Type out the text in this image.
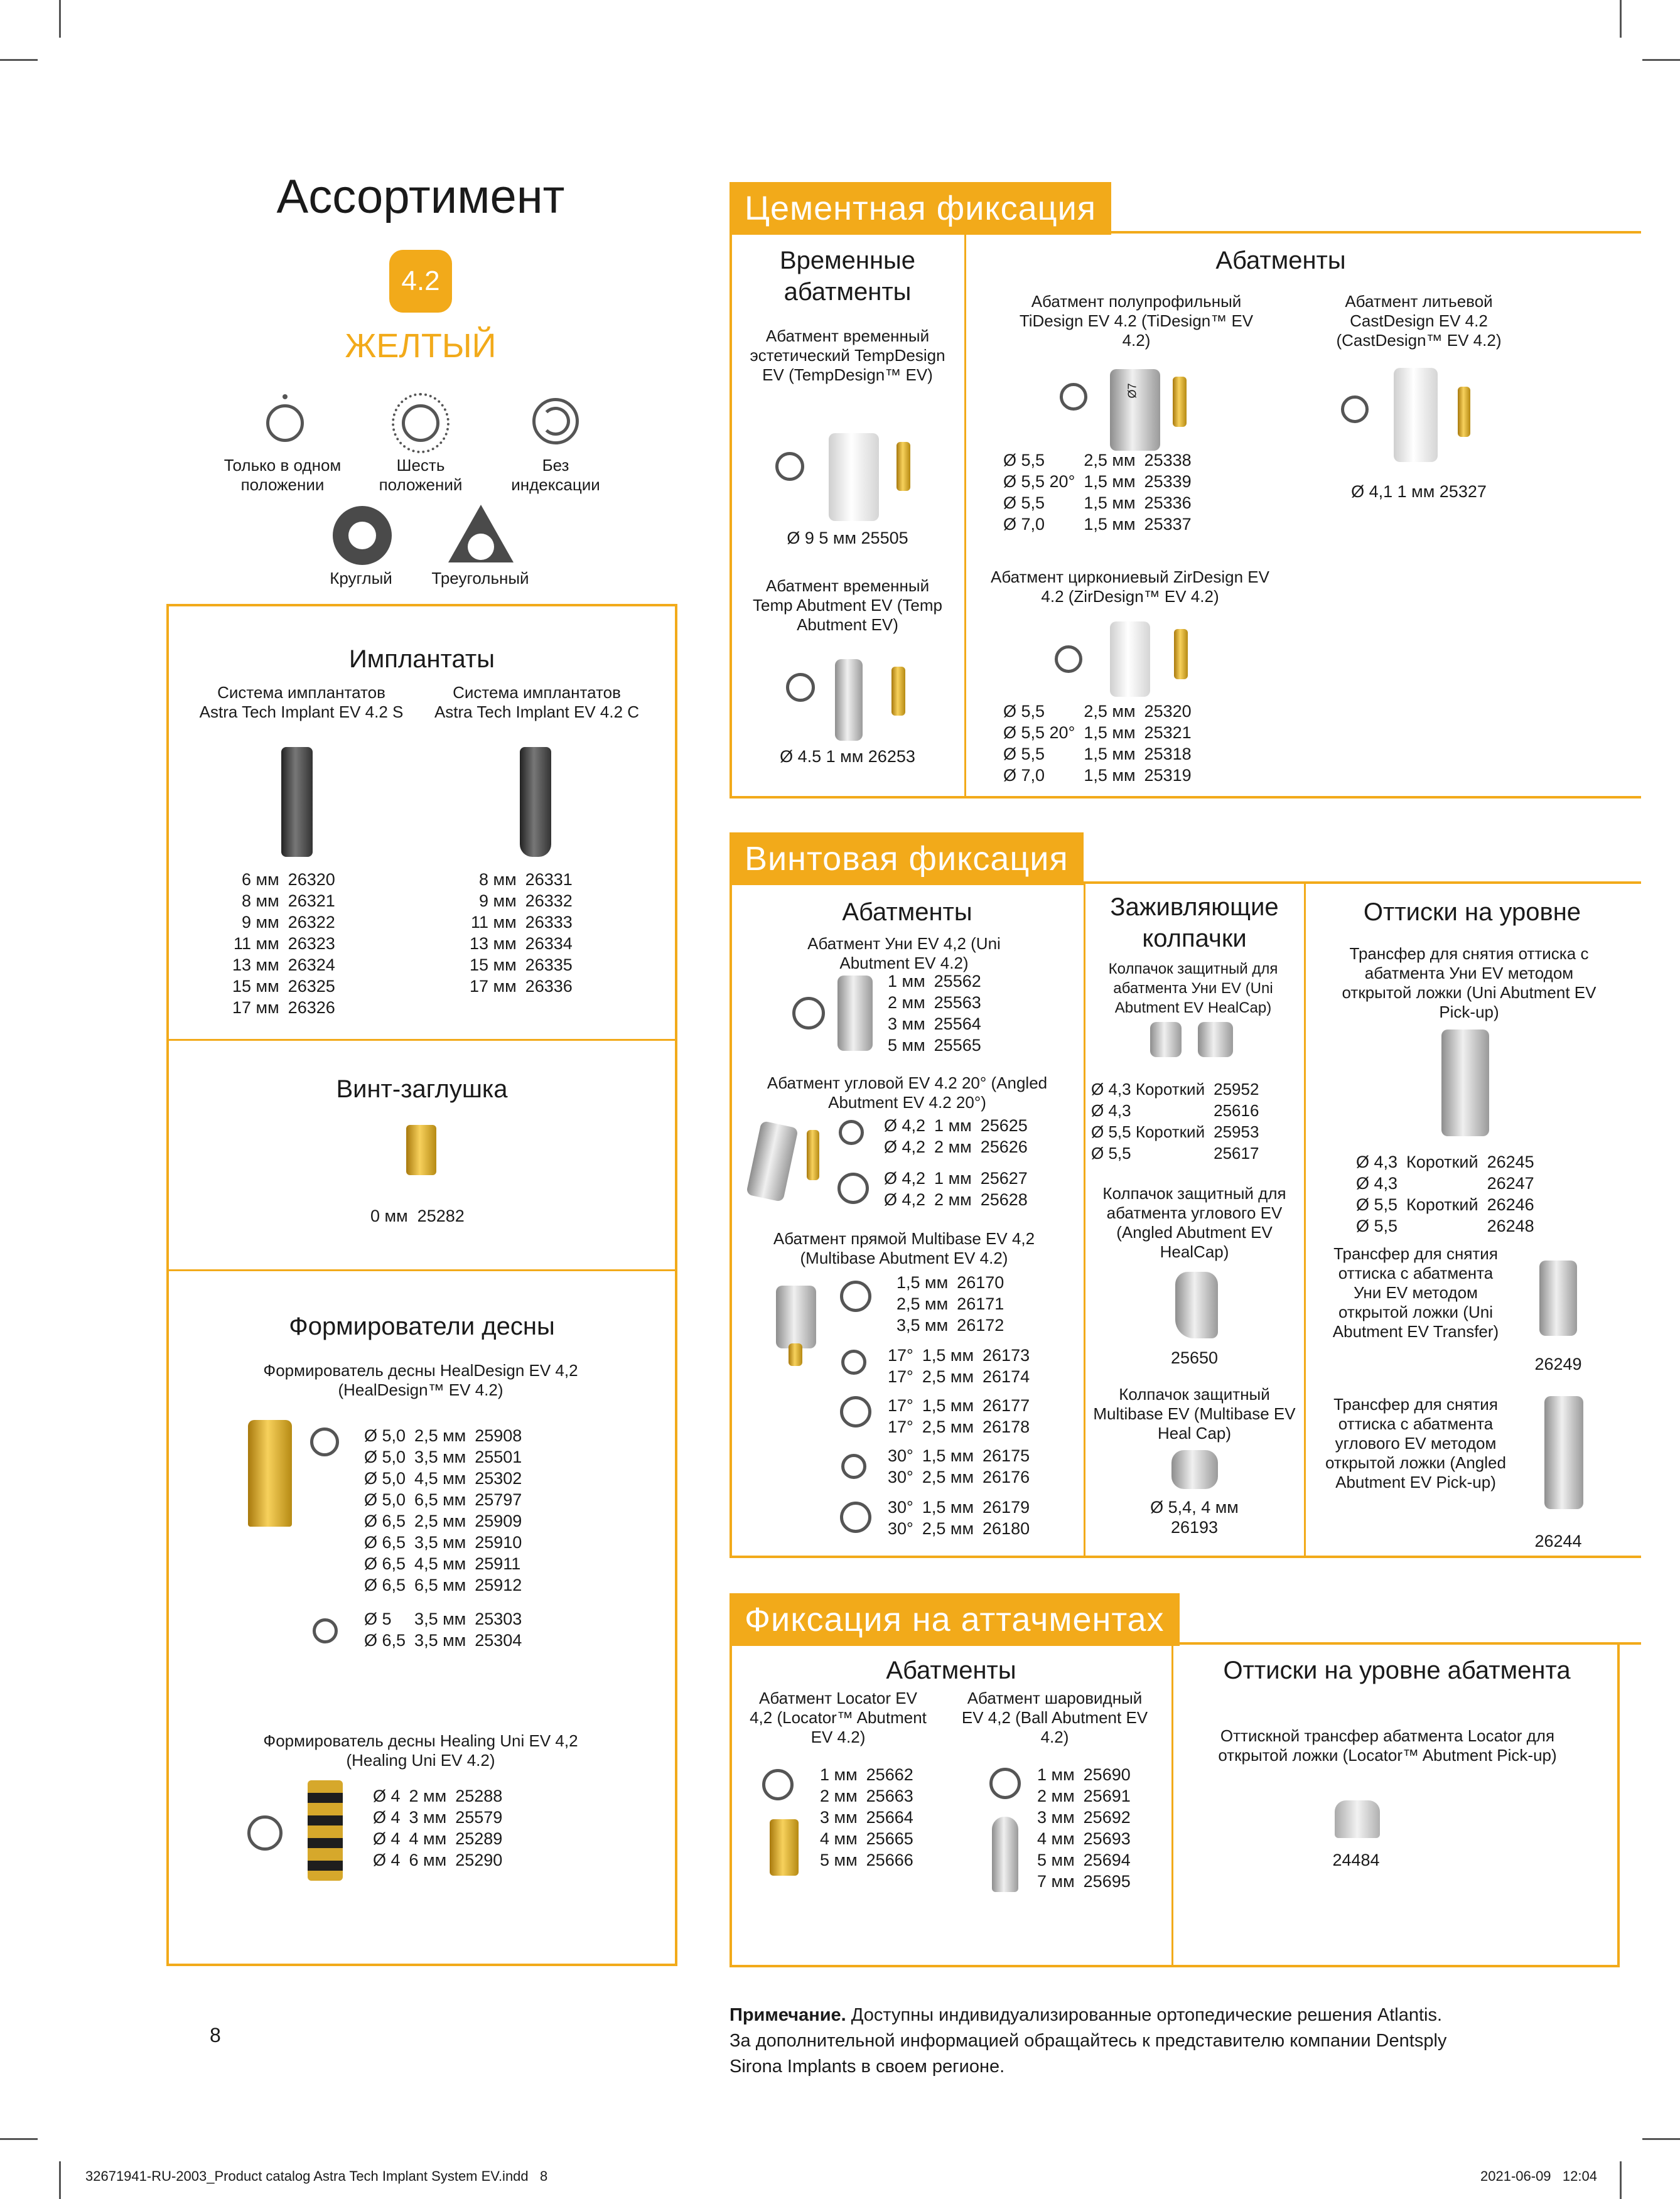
Ассортимент
4.2
ЖЕЛТЫЙ
Только в одном положении
Шесть положений
Без индексации
Круглый	Треугольный
Имплантаты
Система имплантатов Astra Tech Implant EV 4.2 S
Система имплантатов Astra Tech Implant EV 4.2 C
6 мм	26320
8 мм	26321
9 мм	26322
11 мм	26323
13 мм	26324
15 мм	26325
17 мм	26326
8 мм	26331
9 мм	26332
11 мм	26333
13 мм	26334
15 мм	26335
17 мм	26336
Винт-заглушка
0 мм 25282
Формирователи десны
Формирователь десны HealDesign EV 4,2 (HealDesign™ EV 4.2)
Ø 5,0	2,5 мм	25908
Ø 5,0	3,5 мм	25501
Ø 5,0	4,5 мм	25302
Ø 5,0	6,5 мм	25797
Ø 6,5	2,5 мм	25909
Ø 6,5	3,5 мм	25910
Ø 6,5	4,5 мм	25911
Ø 6,5	6,5 мм	25912
Ø 5	3,5 мм	25303
Ø 6,5	3,5 мм	25304
Формирователь десны Healing Uni EV 4,2 (Healing Uni EV 4.2)
Ø 4	2 мм	25288
Ø 4	3 мм	25579
Ø 4	4 мм	25289
Ø 4	6 мм	25290
Цементная фиксация
Временные абатменты
Абатменты
Абатмент временный эстетический TempDesign EV (TempDesign™ EV)
Ø 9 5 мм 25505
Абатмент временный Temp Abutment EV (Temp Abutment EV)
Ø 4.5 1 мм 26253
Абатмент полупрофильный TiDesign EV 4.2 (TiDesign™ EV 4.2)
Ø7
Ø 5,5	2,5 мм	25338
Ø 5,5 20°	1,5 мм	25339
Ø 5,5	1,5 мм	25336
Ø 7,0	1,5 мм	25337
Абатмент литьевой CastDesign EV 4.2 (CastDesign™ EV 4.2)
Ø 4,1 1 мм 25327
Абатмент циркониевый ZirDesign EV 4.2 (ZirDesign™ EV 4.2)
Ø 5,5	2,5 мм	25320
Ø 5,5 20°	1,5 мм	25321
Ø 5,5	1,5 мм	25318
Ø 7,0	1,5 мм	25319
Винтовая фиксация
Абатменты	Заживляющие колпачки
Оттиски на уровне
Абатмент Уни EV 4,2 (Uni Abutment EV 4.2)
1 мм	25562
2 мм	25563
3 мм	25564
5 мм	25565
Абатмент угловой EV 4.2 20° (Angled Abutment EV 4.2 20°)
Ø 4,2	1 мм	25625
Ø 4,2	2 мм	25626
Ø 4,2	1 мм	25627
Ø 4,2	2 мм	25628
Абатмент прямой Multibase EV 4,2 (Multibase Abutment EV 4.2)
	1,5 мм	26170
	2,5 мм	26171
	3,5 мм	26172
17°	1,5 мм	26173
17°	2,5 мм	26174
17°	1,5 мм	26177
17°	2,5 мм	26178
30°	1,5 мм	26175
30°	2,5 мм	26176
30°	1,5 мм	26179
30°	2,5 мм	26180
Колпачок защитный для абатмента Уни EV (Uni Abutment EV HealCap)
Ø 4,3 Короткий	25952
Ø 4,3	25616
Ø 5,5 Короткий	25953
Ø 5,5	25617
Колпачок защитный для абатмента углового EV (Angled Abutment EV HealCap)
25650
Колпачок защитный Multibase EV (Multibase EV Heal Cap)
Ø 5,4, 4 мм
26193
Трансфер для снятия оттиска с абатмента Уни EV методом открытой ложки (Uni Abutment EV Pick-up)
Ø 4,3	Короткий	26245
Ø 4,3		26247
Ø 5,5	Короткий	26246
Ø 5,5		26248
Трансфер для снятия оттиска с абатмента Уни EV методом открытой ложки (Uni Abutment EV Transfer)
26249
Трансфер для снятия оттиска с абатмента углового EV методом открытой ложки (Angled Abutment EV Pick-up)
26244
Фиксация на аттачментах
Абатменты	Оттиски на уровне абатмента
Абатмент Locator EV 4,2 (Locator™ Abutment EV 4.2)
1 мм	25662
2 мм	25663
3 мм	25664
4 мм	25665
5 мм	25666
Абатмент шаровидный EV 4,2 (Ball Abutment EV 4.2)
1 мм	25690
2 мм	25691
3 мм	25692
4 мм	25693
5 мм	25694
7 мм	25695
Оттискной трансфер абатмента Locator для открытой ложки (Locator™ Abutment Pick-up)
24484
Примечание. Доступны индивидуализированные ортопедические решения Atlantis. За дополнительной информацией обращайтесь к представителю компании Dentsply Sirona Implants в своем регионе.
8
32671941-RU-2003_Product catalog Astra Tech Implant System EV.indd   8	2021-06-09   12:04
